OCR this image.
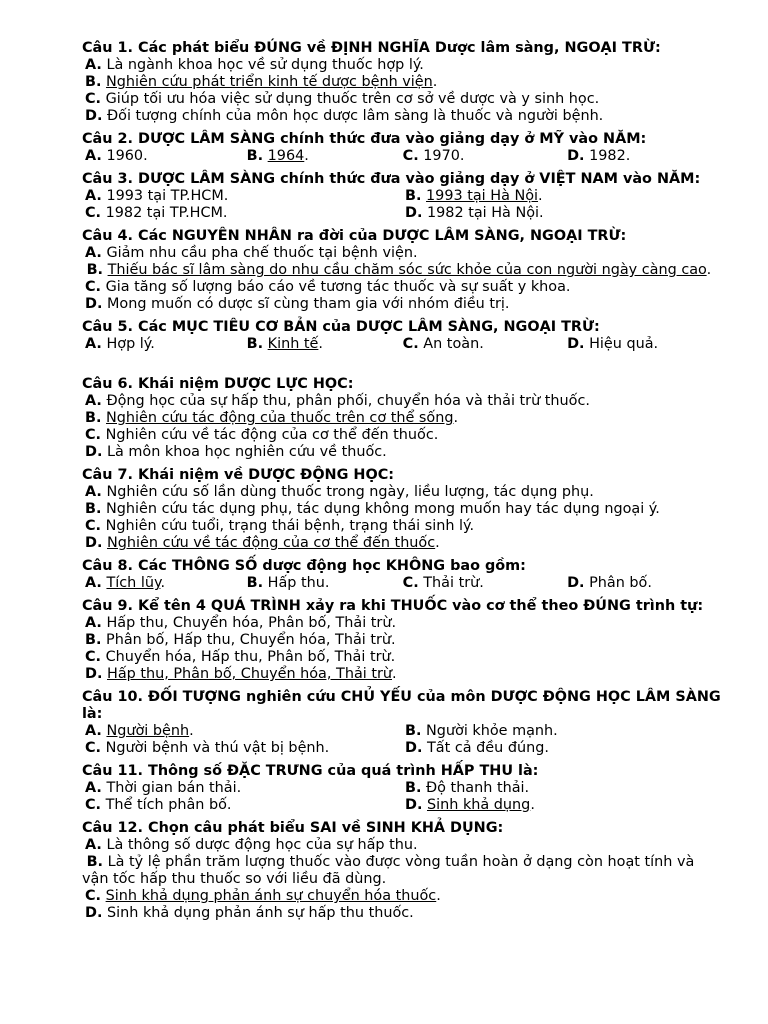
Câu 1. Các phát biểu ĐÚNG về ĐỊNH NGHĨA Dược lâm sàng, NGOẠI TRỪ:
A. Là ngành khoa học về sử dụng thuốc hợp lý.
B. Nghiên cứu phát triển kinh tế dược bệnh viện.
C. Giúp tối ưu hóa việc sử dụng thuốc trên cơ sở về dược và y sinh học.
D. Đối tượng chính của môn học dược lâm sàng là thuốc và người bệnh.
Câu 2. DƯỢC LÂM SÀNG chính thức đưa vào giảng dạy ở MỸ vào NĂM:
A. 1960.	B. 1964.	C. 1970.	D. 1982.
Câu 3. DƯỢC LÂM SÀNG chính thức đưa vào giảng dạy ở VIỆT NAM vào NĂM:
A. 1993 tại TP.HCM.	B. 1993 tại Hà Nội.
C. 1982 tại TP.HCM.	D. 1982 tại Hà Nội.
Câu 4. Các NGUYÊN NHÂN ra đời của DƯỢC LÂM SÀNG, NGOẠI TRỪ:
A. Giảm nhu cầu pha chế thuốc tại bệnh viện.
B. Thiếu bác sĩ lâm sàng do nhu cầu chăm sóc sức khỏe của con người ngày càng cao.
C. Gia tăng số lượng báo cáo về tương tác thuốc và sự suất y khoa.
D. Mong muốn có dược sĩ cùng tham gia với nhóm điều trị.
Câu 5. Các MỤC TIÊU CƠ BẢN của DƯỢC LÂM SÀNG, NGOẠI TRỪ:
A. Hợp lý.	B. Kinh tế.	C. An toàn.	D. Hiệu quả.
Câu 6. Khái niệm DƯỢC LỰC HỌC:
A. Động học của sự hấp thu, phân phối, chuyển hóa và thải trừ thuốc.
B. Nghiên cứu tác động của thuốc trên cơ thể sống.
C. Nghiên cứu về tác động của cơ thể đến thuốc.
D. Là môn khoa học nghiên cứu về thuốc.
Câu 7. Khái niệm về DƯỢC ĐỘNG HỌC:
A. Nghiên cứu số lần dùng thuốc trong ngày, liều lượng, tác dụng phụ.
B. Nghiên cứu tác dụng phụ, tác dụng không mong muốn hay tác dụng ngoại ý.
C. Nghiên cứu tuổi, trạng thái bệnh, trạng thái sinh lý.
D. Nghiên cứu về tác động của cơ thể đến thuốc.
Câu 8. Các THÔNG SỐ dược động học KHÔNG bao gồm:
A. Tích lũy.	B. Hấp thu.	C. Thải trừ.	D. Phân bố.
Câu 9. Kể tên 4 QUÁ TRÌNH xảy ra khi THUỐC vào cơ thể theo ĐÚNG trình tự:
A. Hấp thu, Chuyển hóa, Phân bố, Thải trừ.
B. Phân bố, Hấp thu, Chuyển hóa, Thải trừ.
C. Chuyển hóa, Hấp thu, Phân bố, Thải trừ.
D. Hấp thu, Phân bố, Chuyển hóa, Thải trừ.
Câu 10. ĐỐI TƯỢNG nghiên cứu CHỦ YẾU của môn DƯỢC ĐỘNG HỌC LÂM SÀNG là:
A. Người bệnh.	B. Người khỏe mạnh.
C. Người bệnh và thú vật bị bệnh.	D. Tất cả đều đúng.
Câu 11. Thông số ĐẶC TRƯNG của quá trình HẤP THU là:
A. Thời gian bán thải.	B. Độ thanh thải.
C. Thể tích phân bố.	D. Sinh khả dụng.
Câu 12. Chọn câu phát biểu SAI về SINH KHẢ DỤNG:
A. Là thông số dược động học của sự hấp thu.
B. Là tỷ lệ phần trăm lượng thuốc vào được vòng tuần hoàn ở dạng còn hoạt tính và vận tốc hấp thu thuốc so với liều đã dùng.
C. Sinh khả dụng phản ánh sự chuyển hóa thuốc.
D. Sinh khả dụng phản ánh sự hấp thu thuốc.
